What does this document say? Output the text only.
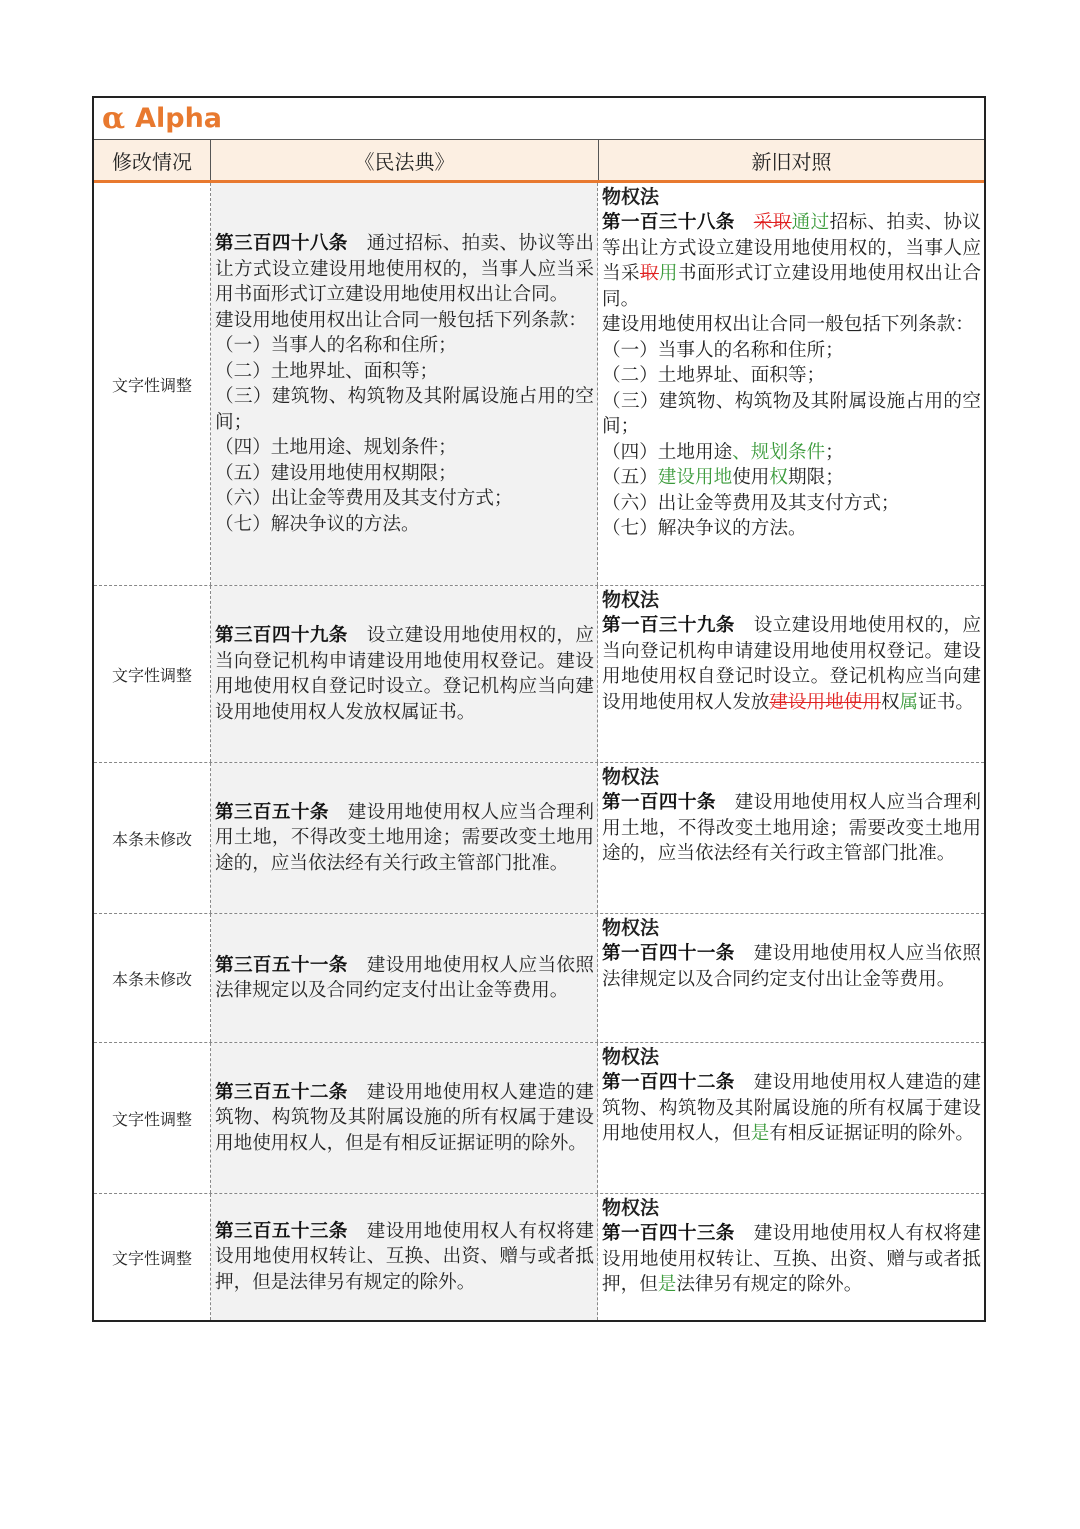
α Alpha
修改情况	《民法典》	新旧对照
文字性调整

第三百四十八条　通过招标、拍卖、协议等出让方式设立建设用地使用权的，当事人应当采用书面形式订立建设用地使用权出让合同。

建设用地使用权出让合同一般包括下列条款：

（一）当事人的名称和住所；

（二）土地界址、面积等；

（三）建筑物、构筑物及其附属设施占用的空间；

（四）土地用途、规划条件；

（五）建设用地使用权期限；

（六）出让金等费用及其支付方式；

（七）解决争议的方法。

物权法

第一百三十八条　 采取通过招标、拍卖、协议等出让方式设立建设用地使用权的，当事人应当采取用书面形式订立建设用地使用权出让合同。

建设用地使用权出让合同一般包括下列条款：

（一）当事人的名称和住所；

（二）土地界址、面积等；

（三）建筑物、构筑物及其附属设施占用的空间；

（四）土地用途、规划条件；

（五）建设用地使用权期限；

（六）出让金等费用及其支付方式；

（七）解决争议的方法。

文字性调整

第三百四十九条　设立建设用地使用权的，应当向登记机构申请建设用地使用权登记。建设用地使用权自登记时设立。登记机构应当向建设用地使用权人发放权属证书。

物权法

第一百三十九条　设立建设用地使用权的，应当向登记机构申请建设用地使用权登记。建设用地使用权自登记时设立。登记机构应当向建设用地使用权人发放建设用地使用权属证书。

本条未修改

第三百五十条　建设用地使用权人应当合理利用土地，不得改变土地用途；需要改变土地用途的，应当依法经有关行政主管部门批准。

物权法

第一百四十条　建设用地使用权人应当合理利用土地，不得改变土地用途；需要改变土地用途的，应当依法经有关行政主管部门批准。

本条未修改

第三百五十一条　建设用地使用权人应当依照法律规定以及合同约定支付出让金等费用。

物权法

第一百四十一条　建设用地使用权人应当依照法律规定以及合同约定支付出让金等费用。

文字性调整

第三百五十二条　建设用地使用权人建造的建筑物、构筑物及其附属设施的所有权属于建设用地使用权人，但是有相反证据证明的除外。

物权法

第一百四十二条　建设用地使用权人建造的建筑物、构筑物及其附属设施的所有权属于建设用地使用权人，但是有相反证据证明的除外。

文字性调整

第三百五十三条　建设用地使用权人有权将建设用地使用权转让、互换、出资、赠与或者抵押，但是法律另有规定的除外。

物权法

第一百四十三条　建设用地使用权人有权将建设用地使用权转让、互换、出资、赠与或者抵押，但是法律另有规定的除外。
